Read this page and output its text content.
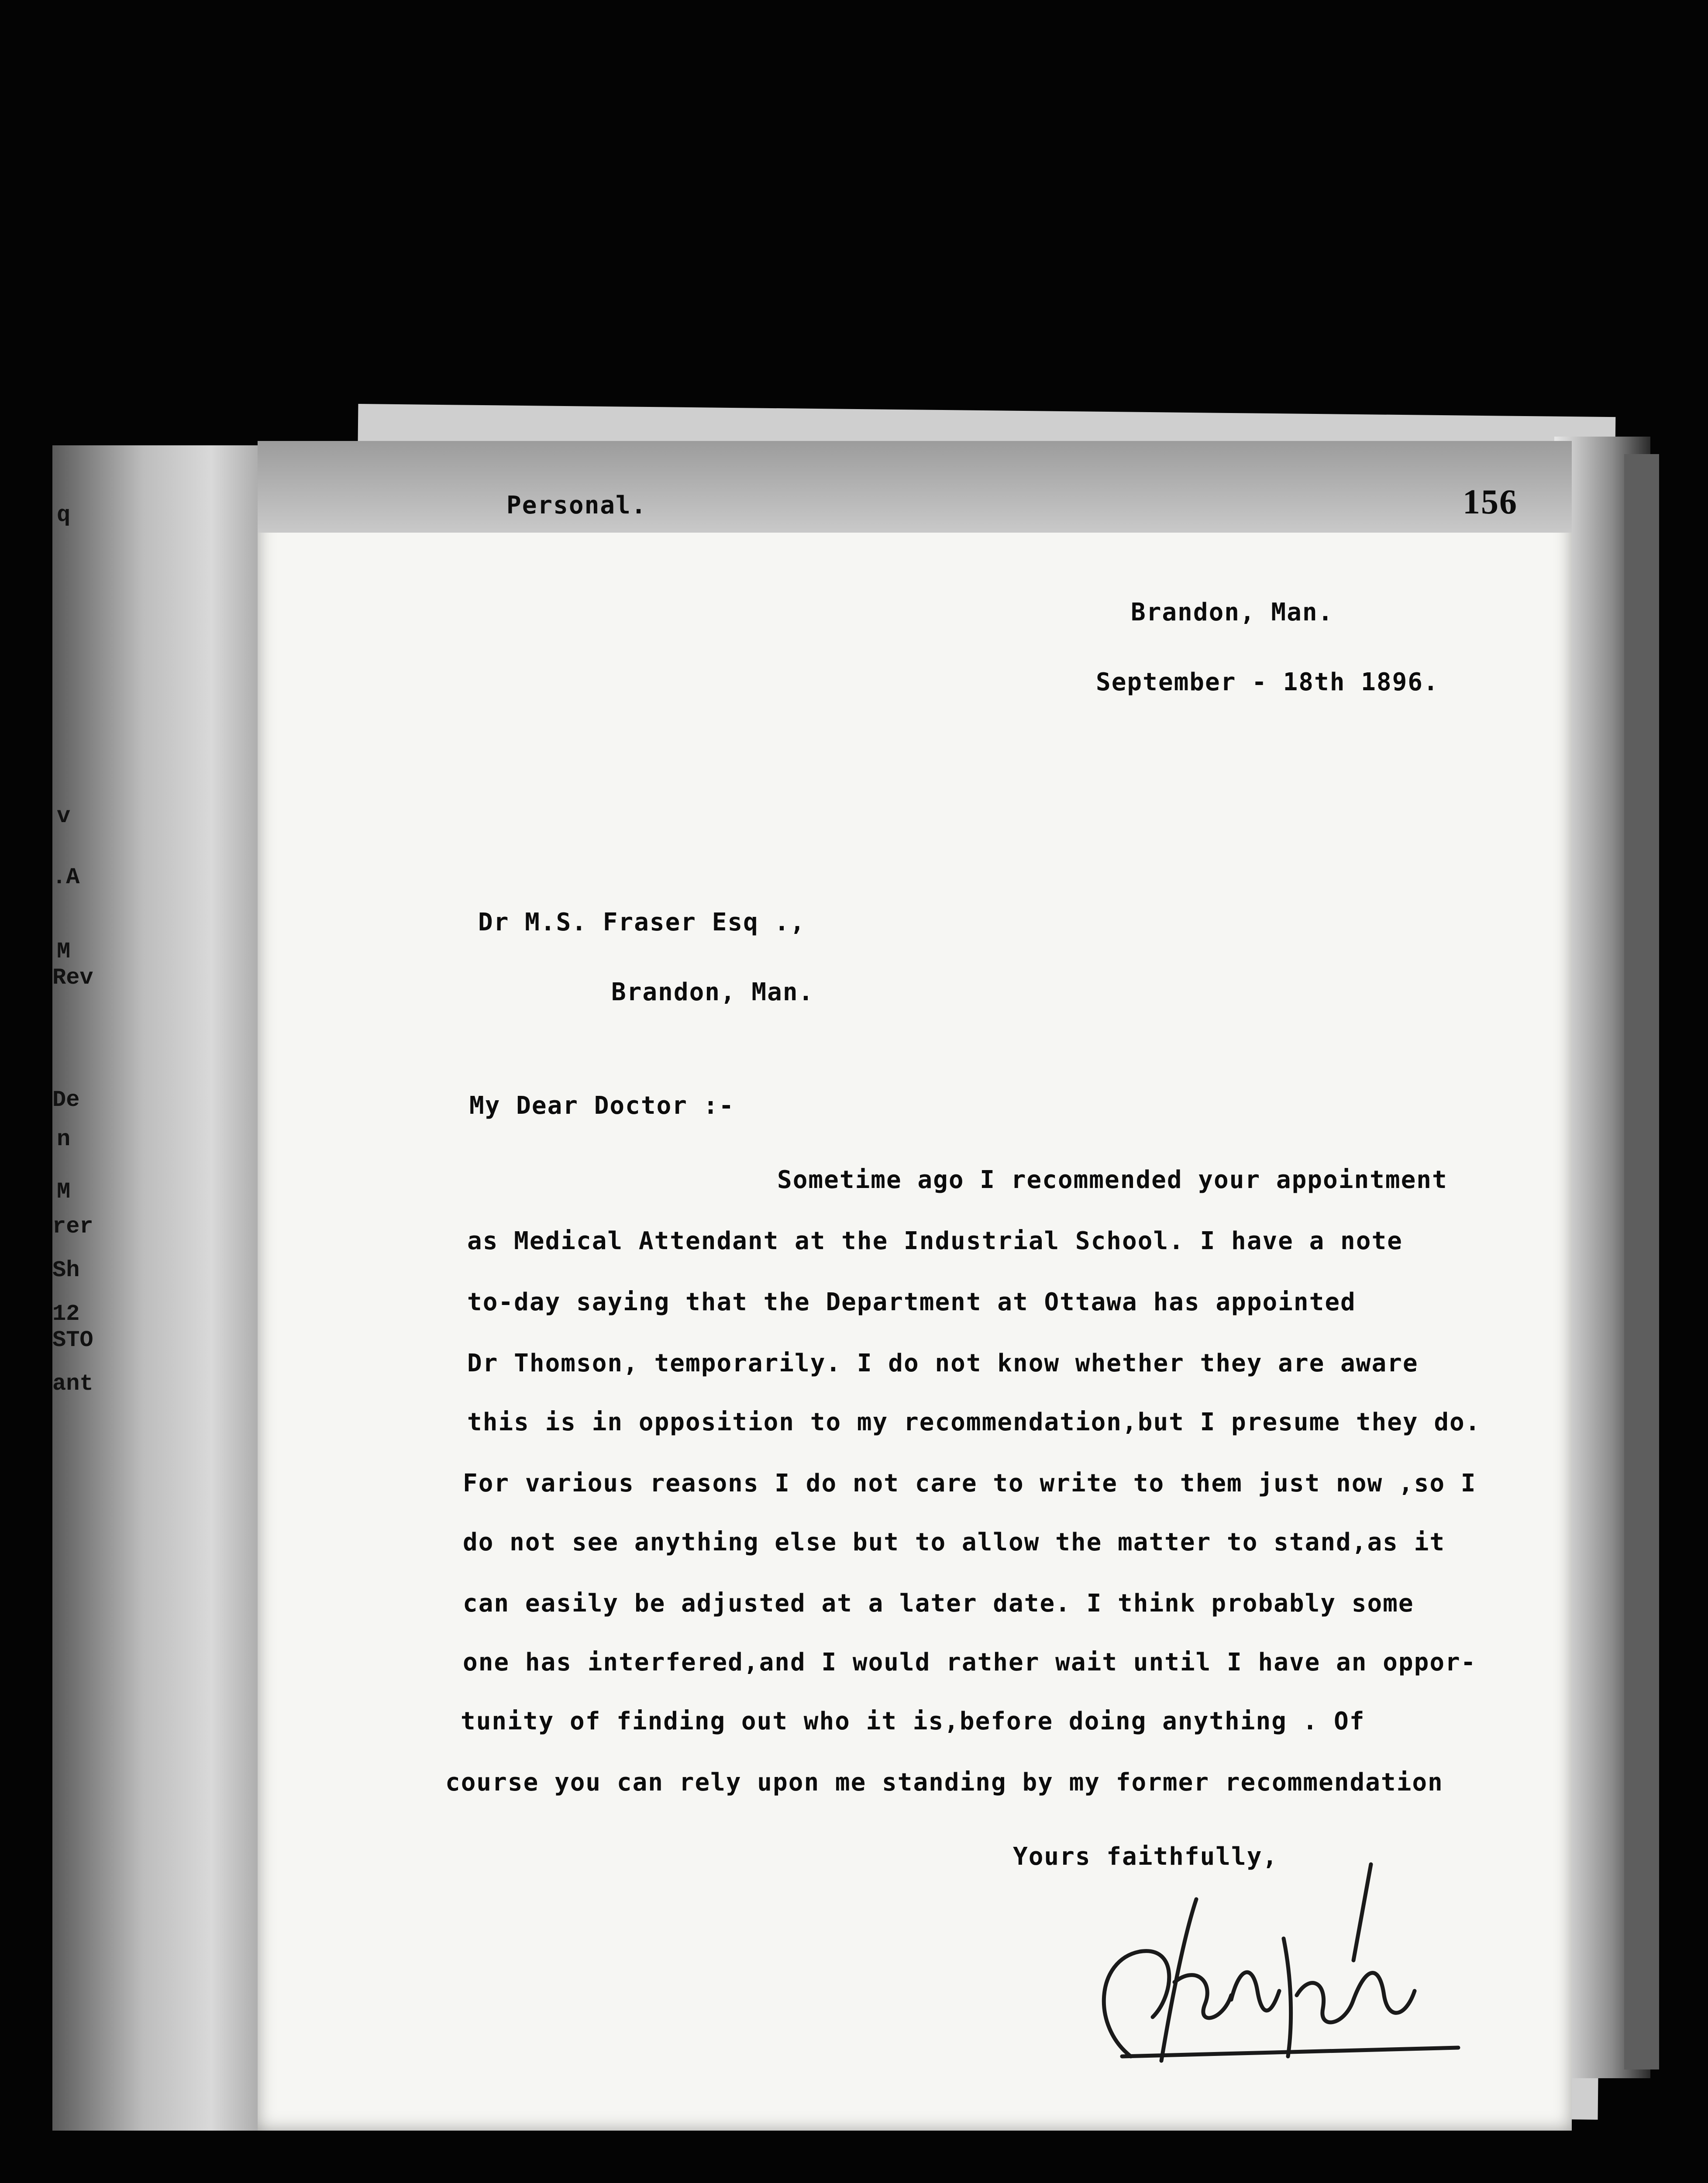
q
v
.A
M
Rev
De
n
M
rer
Sh
12
STO
ant
Personal.	156
Brandon, Man.
September - 18th 1896.
Dr M.S. Fraser Esq .,
Brandon, Man.
My Dear Doctor :-
Sometime ago I recommended your appointment
as Medical Attendant at the Industrial School. I have a note
to-day saying that the Department at Ottawa has appointed
Dr Thomson, temporarily. I do not know whether they are aware
this is in opposition to my recommendation,but I presume they do.
For various reasons I do not care to write to them just now ,so I
do not see anything else but to allow the matter to stand,as it
can easily be adjusted at a later date. I think probably some
one has interfered,and I would rather wait until I have an oppor-
tunity of finding out who it is,before doing anything . Of
course you can rely upon me standing by my former recommendation
Yours faithfully,
